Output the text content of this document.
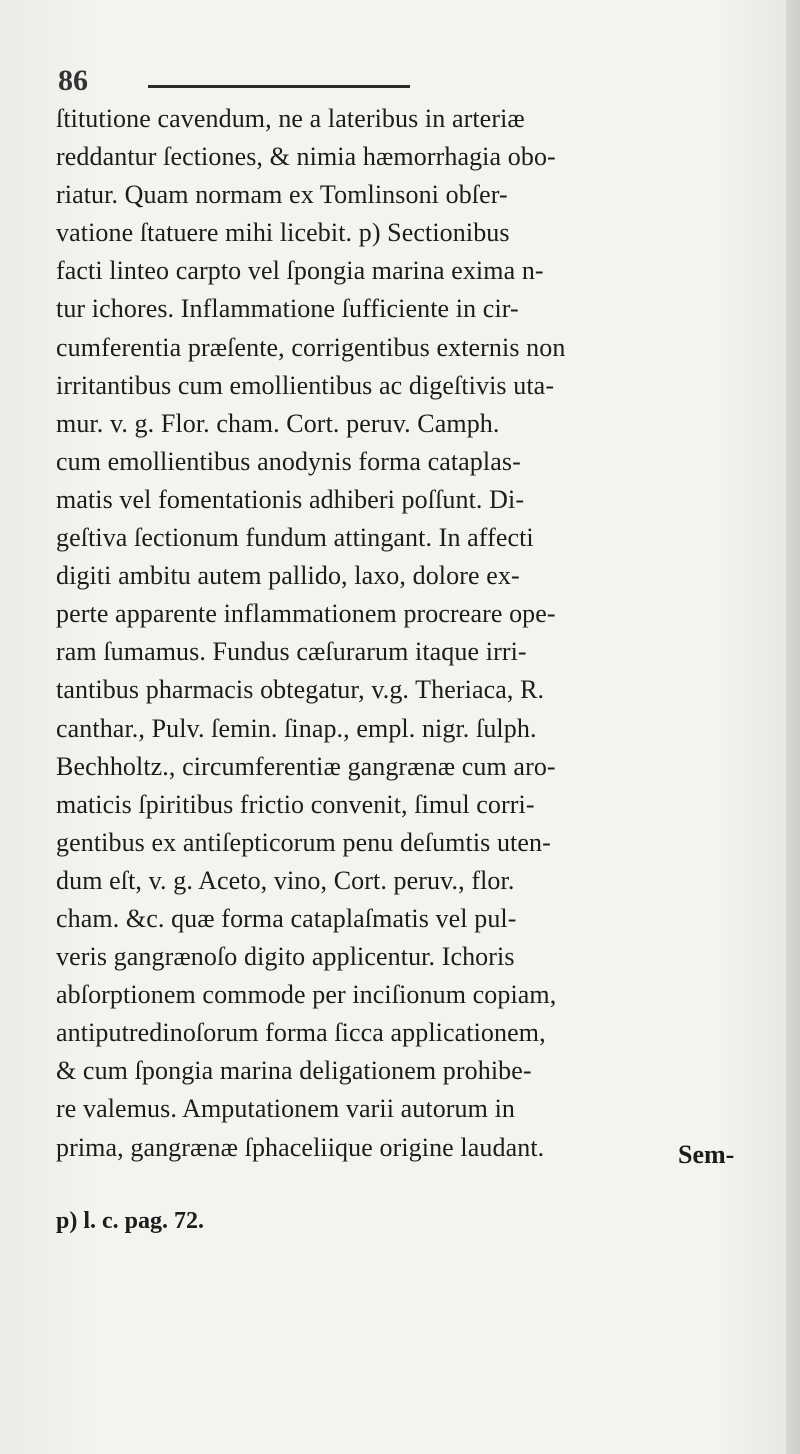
86
ſtitutione cavendum, ne a lateribus in arteriæ
reddantur ſectiones, & nimia hæmorrhagia obo-
riatur. Quam normam ex Tomlinsoni obſer-
vatione ſtatuere mihi licebit. p) Sectionibus
facti linteo carpto vel ſpongia marina exima n-
tur ichores. Inflammatione ſufficiente in cir-
cumferentia præſente, corrigentibus externis non
irritantibus cum emollientibus ac digeſtivis uta-
mur. v. g. Flor. cham. Cort. peruv. Camph.
cum emollientibus anodynis forma cataplas-
matis vel fomentationis adhiberi poſſunt. Di-
geſtiva ſectionum fundum attingant. In affecti
digiti ambitu autem pallido, laxo, dolore ex-
perte apparente inflammationem procreare ope-
ram ſumamus. Fundus cæſurarum itaque irri-
tantibus pharmacis obtegatur, v.g. Theriaca, R.
canthar., Pulv. ſemin. ſinap., empl. nigr. ſulph.
Bechholtz., circumferentiæ gangrænæ cum aro-
maticis ſpiritibus frictio convenit, ſimul corri-
gentibus ex antiſepticorum penu deſumtis uten-
dum eſt, v. g. Aceto, vino, Cort. peruv., flor.
cham. &c. quæ forma cataplaſmatis vel pul-
veris gangrænoſo digito applicentur. Ichoris
abſorptionem commode per inciſionum copiam,
antiputredinoſorum forma ſicca applicationem,
& cum ſpongia marina deligationem prohibe-
re valemus. Amputationem varii autorum in
prima, gangrænæ ſphaceliique origine laudant.	Sem-
p) l. c. pag. 72.
